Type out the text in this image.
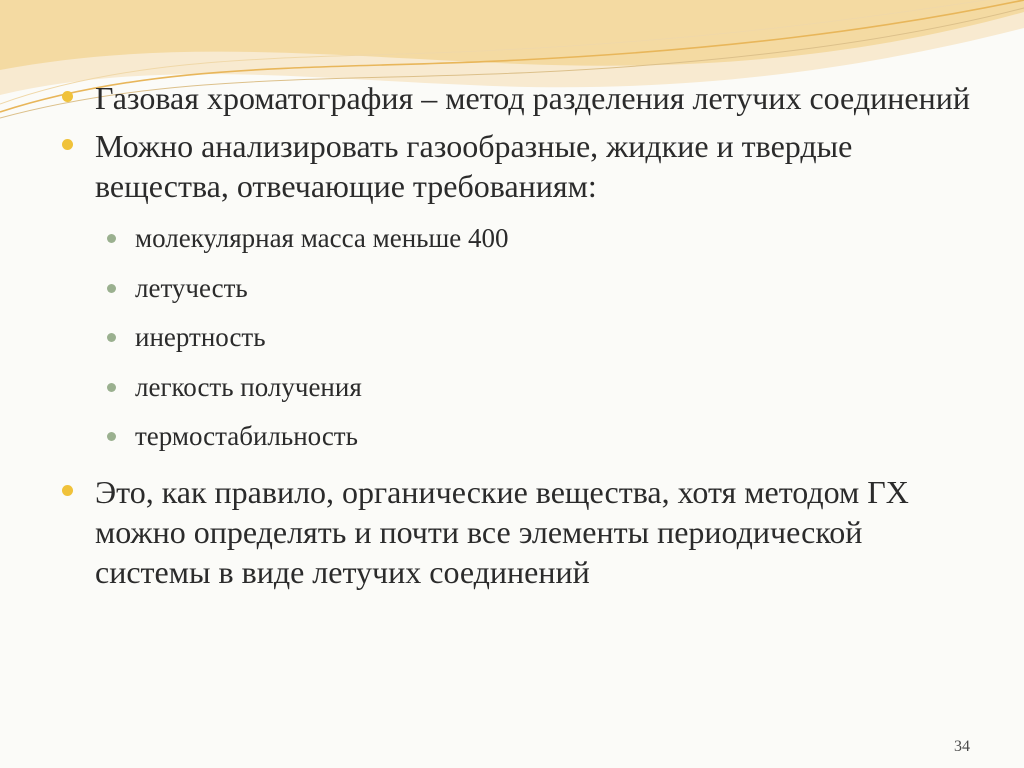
Газовая хроматография – метод разделения летучих соединений
Можно анализировать газообразные, жидкие и твердые вещества, отвечающие требованиям:
молекулярная масса меньше 400
летучесть
инертность
легкость получения
термостабильность
Это, как правило, органические вещества, хотя методом ГХ можно определять и почти все элементы периодической системы в виде летучих соединений
34
